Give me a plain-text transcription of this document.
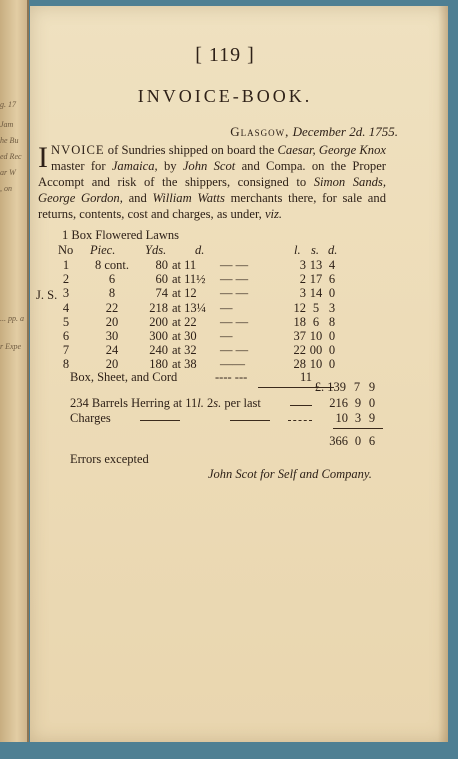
g. 17
Jam
he Bu
ed Rec
ar W
, on
... pp. a
r Expe
[ 119 ]
INVOICE-BOOK.
Glasgow, December 2d. 1755.
INVOICE of Sundries shipped on board the Caesar, George Knox master for Jamaica, by John Scot and Compa. on the Proper Accompt and risk of the shippers, consigned to Simon Sands, George Gordon, and William Watts merchants there, for sale and returns, contents, cost and charges, as under, viz.
1 Box Flowered Lawns
No Piec. Yds. d.	l. s. d.
J. S.
1	8 cont.	80 at 11	— —	3 13 4
2	6	60 at 11½	— —	2 17 6
3	8	74 at 12	— —	3 14 0
4	22	218 at 13¼	—	12 5 3
5	20	200 at 22	— —	18 6 8
6	30	300 at 30	—	37 10 0
7	24	240 at 32	— —	22 00 0
8	20	180 at 38	——	28 10 0
Box, Sheet, and Cord	---- ---	11
£. 139 7 9
234 Barrels Herring at 11l. 2s. per last	216 9 0
Charges	10 3 9
366 0 6
Errors excepted
John Scot for Self and Company.
